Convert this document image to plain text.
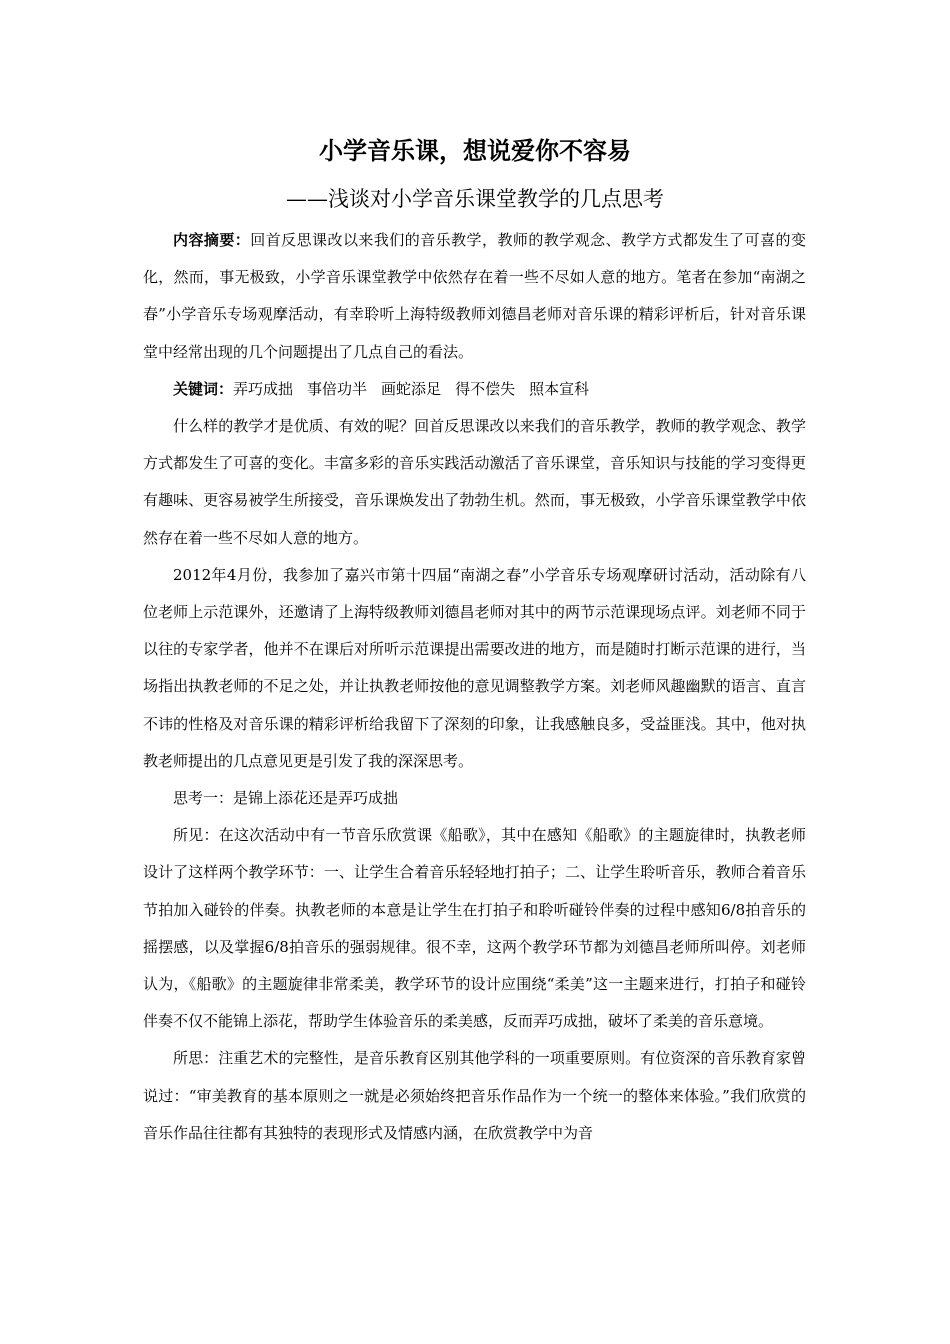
小学音乐课，想说爱你不容易
——浅谈对小学音乐课堂教学的几点思考

内容摘要：回首反思课改以来我们的音乐教学，教师的教学观念、教学方式都发生了可喜的变化，然而，事无极致，小学音乐课堂教学中依然存在着一些不尽如人意的地方。笔者在参加“南湖之春”小学音乐专场观摩活动，有幸聆听上海特级教师刘德昌老师对音乐课的精彩评析后，针对音乐课堂中经常出现的几个问题提出了几点自己的看法。

关键词：弄巧成拙 事倍功半 画蛇添足 得不偿失 照本宣科

什么样的教学才是优质、有效的呢？回首反思课改以来我们的音乐教学，教师的教学观念、教学方式都发生了可喜的变化。丰富多彩的音乐实践活动激活了音乐课堂，音乐知识与技能的学习变得更有趣味、更容易被学生所接受，音乐课焕发出了勃勃生机。然而，事无极致，小学音乐课堂教学中依然存在着一些不尽如人意的地方。

2012年4月份，我参加了嘉兴市第十四届“南湖之春”小学音乐专场观摩研讨活动，活动除有八位老师上示范课外，还邀请了上海特级教师刘德昌老师对其中的两节示范课现场点评。刘老师不同于以往的专家学者，他并不在课后对所听示范课提出需要改进的地方，而是随时打断示范课的进行，当场指出执教老师的不足之处，并让执教老师按他的意见调整教学方案。刘老师风趣幽默的语言、直言不讳的性格及对音乐课的精彩评析给我留下了深刻的印象，让我感触良多，受益匪浅。其中，他对执教老师提出的几点意见更是引发了我的深深思考。

思考一：是锦上添花还是弄巧成拙

所见：在这次活动中有一节音乐欣赏课《船歌》，其中在感知《船歌》的主题旋律时，执教老师设计了这样两个教学环节：一、让学生合着音乐轻轻地打拍子；二、让学生聆听音乐，教师合着音乐节拍加入碰铃的伴奏。执教老师的本意是让学生在打拍子和聆听碰铃伴奏的过程中感知6/8拍音乐的摇摆感，以及掌握6/8拍音乐的强弱规律。很不幸，这两个教学环节都为刘德昌老师所叫停。刘老师认为，《船歌》的主题旋律非常柔美，教学环节的设计应围绕“柔美”这一主题来进行，打拍子和碰铃伴奏不仅不能锦上添花，帮助学生体验音乐的柔美感，反而弄巧成拙，破坏了柔美的音乐意境。

所思：注重艺术的完整性，是音乐教育区别其他学科的一项重要原则。有位资深的音乐教育家曾说过：“审美教育的基本原则之一就是必须始终把音乐作品作为一个统一的整体来体验。”我们欣赏的音乐作品往往都有其独特的表现形式及情感内涵，在欣赏教学中为音
